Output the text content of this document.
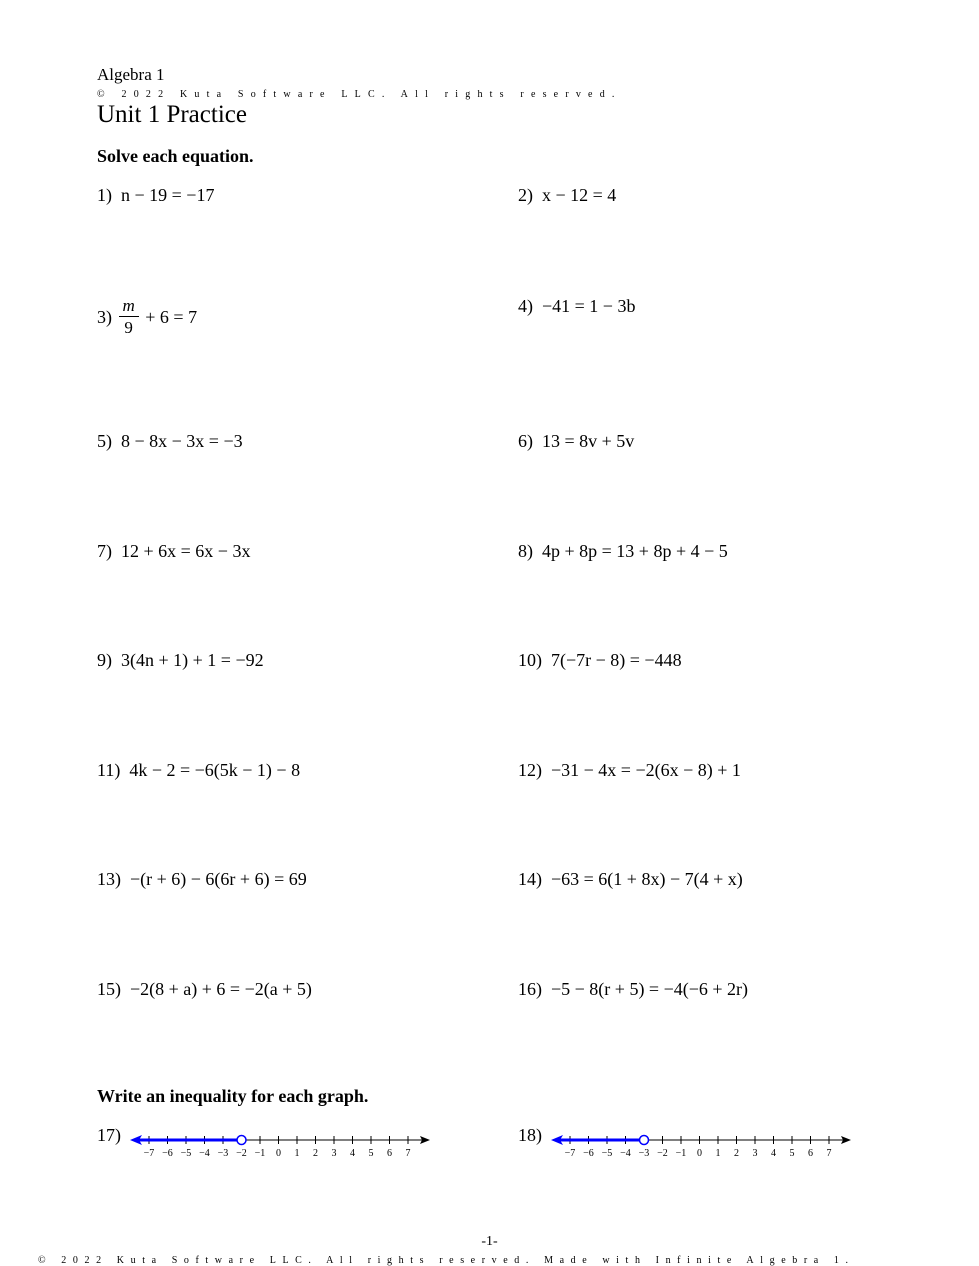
Algebra 1
© 2022 Kuta Software LLC. All rights reserved.
Unit 1 Practice
Solve each equation.
1) n − 19 = −17	2) x − 12 = 4
$3) \frac{m}{9} + 6 = 7$
4) −41 = 1 − 3b
5) 8 − 8x − 3x = −3	6) 13 = 8v + 5v
7) 12 + 6x = 6x − 3x	8) 4p + 8p = 13 + 8p + 4 − 5
9) 3(4n + 1) + 1 = −92	10) 7(−7r − 8) = −448
11) 4k − 2 = −6(5k − 1) − 8	12) −31 − 4x = −2(6x − 8) + 1
13) −(r + 6) − 6(6r + 6) = 69	14) −63 = 6(1 + 8x) − 7(4 + x)
15) −2(8 + a) + 6 = −2(a + 5)	16) −5 − 8(r + 5) = −4(−6 + 2r)
Write an inequality for each graph.
17)
−7 −6 −5 −4 −3 −2 −1 0 1 2 3 4 5 6 7
18)
−7 −6 −5 −4 −3 −2 −1 0 1 2 3 4 5 6 7
-1-
© 2022 Kuta Software LLC. All rights reserved. Made with Infinite Algebra 1.
